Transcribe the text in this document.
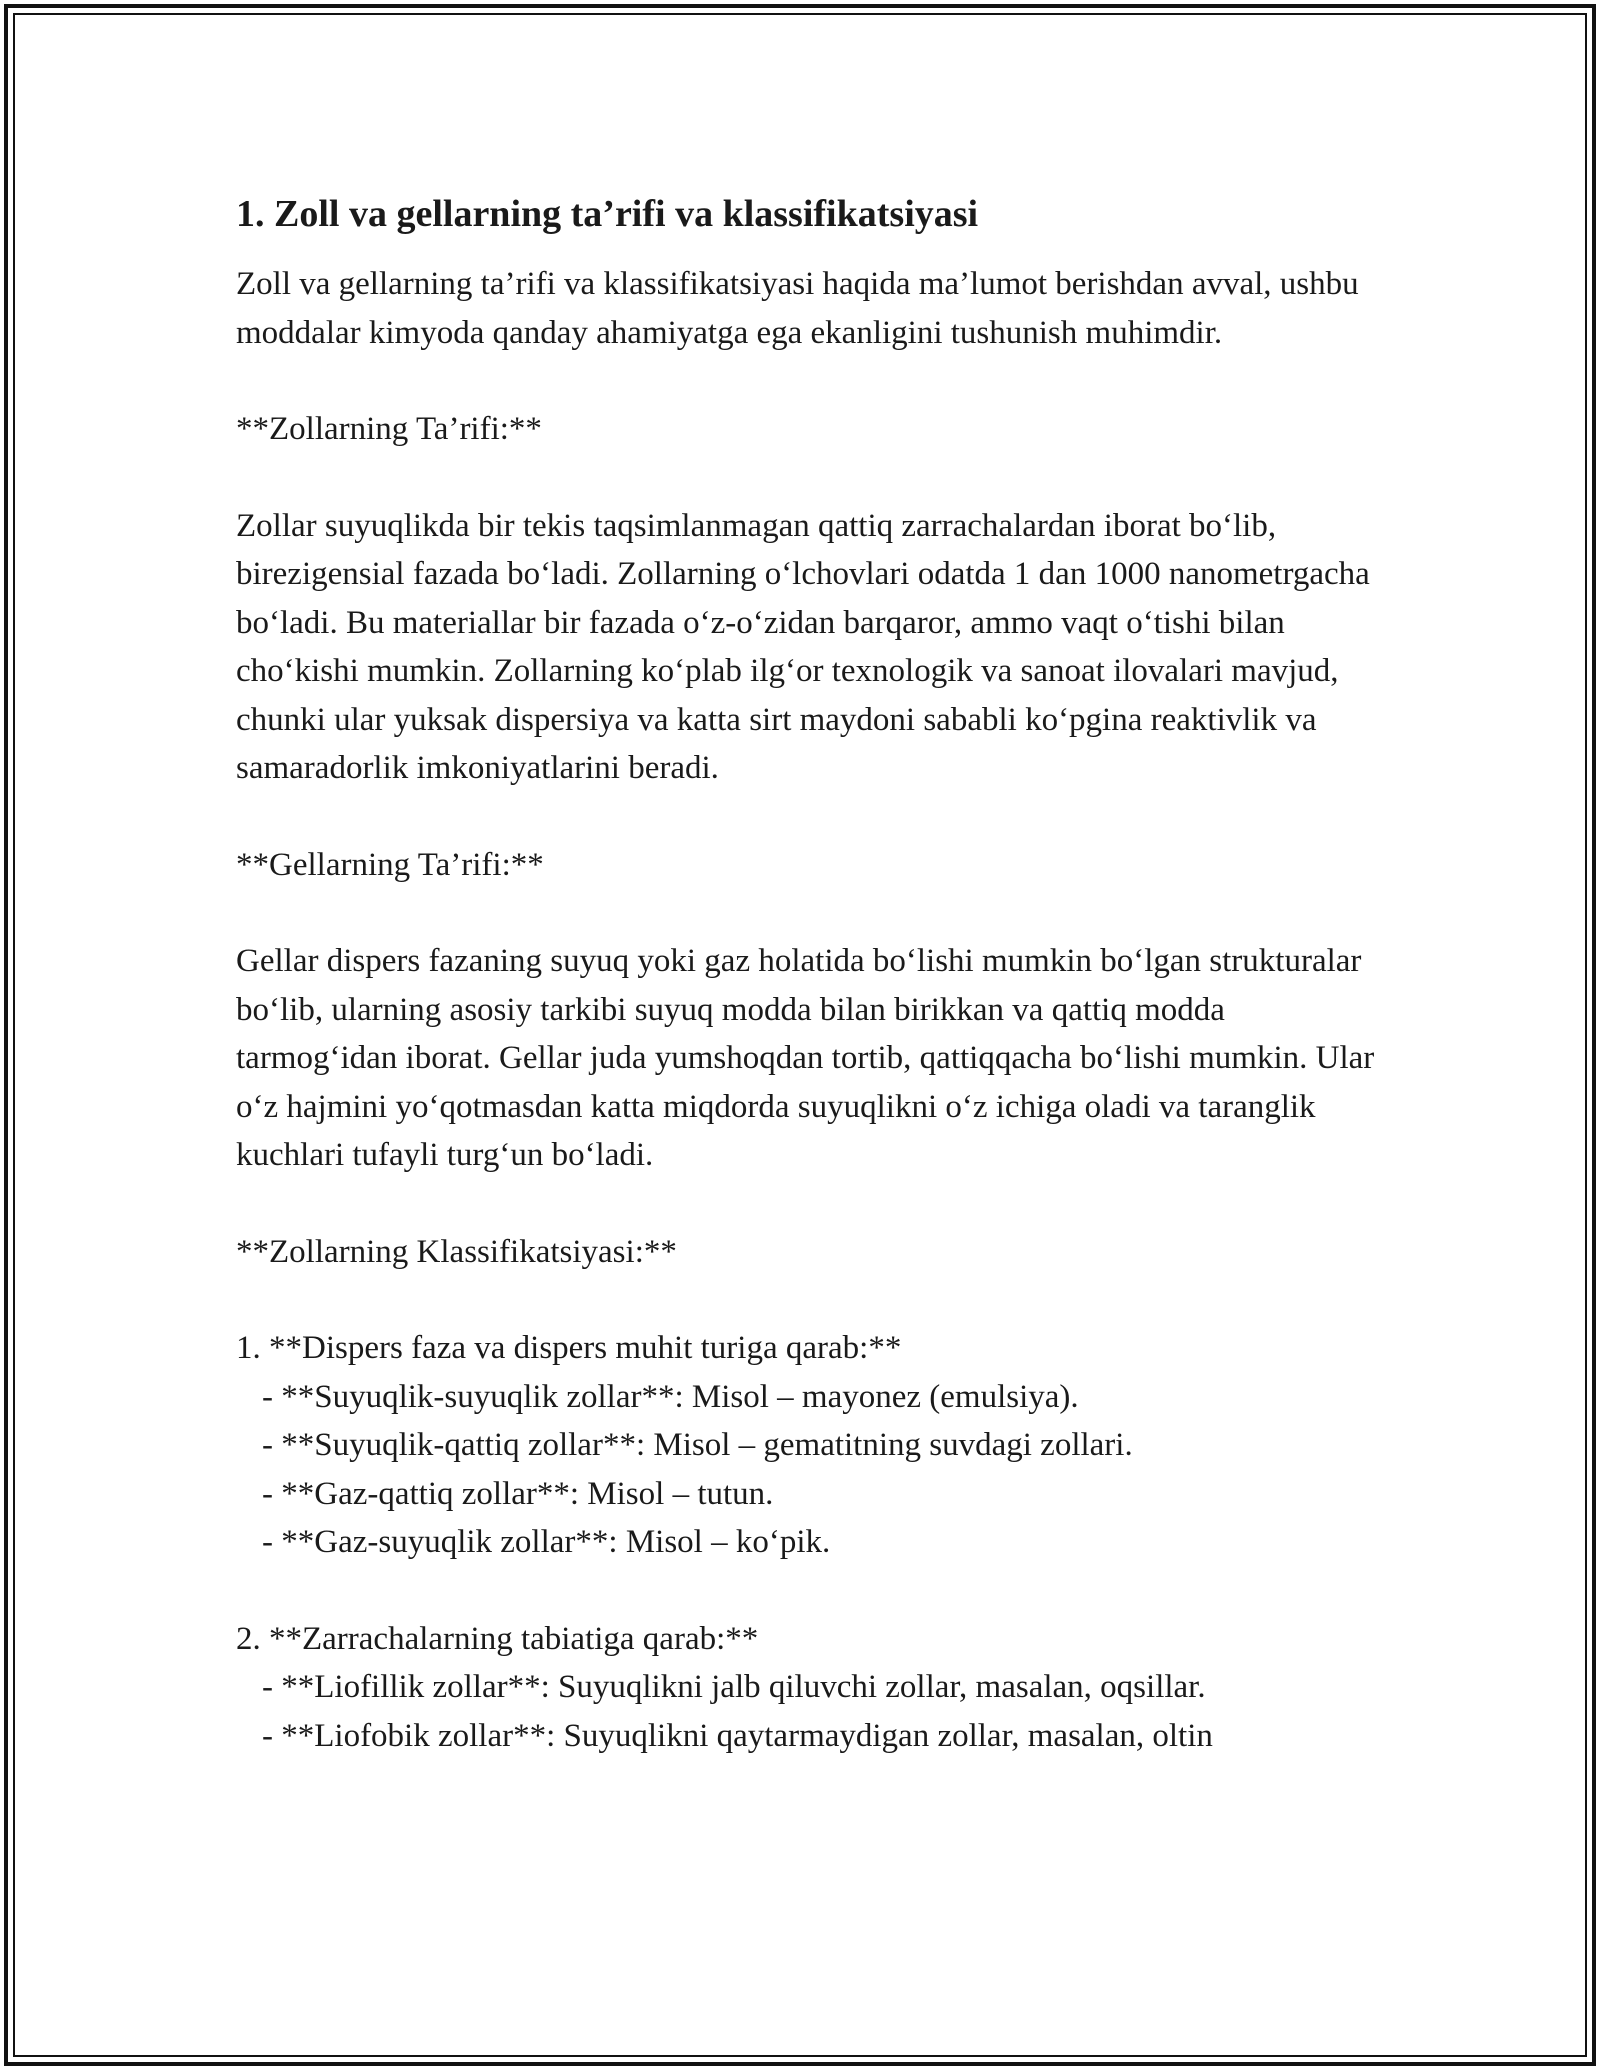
1. Zoll va gellarning ta’rifi va klassifikatsiyasi

Zoll va gellarning ta’rifi va klassifikatsiyasi haqida ma’lumot berishdan avval, ushbu moddalar kimyoda qanday ahamiyatga ega ekanligini tushunish muhimdir.

**Zollarning Ta’rifi:**

Zollar suyuqlikda bir tekis taqsimlanmagan qattiq zarrachalardan iborat bo‘lib, birezigensial fazada bo‘ladi. Zollarning o‘lchovlari odatda 1 dan 1000 nanometrgacha bo‘ladi. Bu materiallar bir fazada o‘z-o‘zidan barqaror, ammo vaqt o‘tishi bilan cho‘kishi mumkin. Zollarning ko‘plab ilg‘or texnologik va sanoat ilovalari mavjud, chunki ular yuksak dispersiya va katta sirt maydoni sababli ko‘pgina reaktivlik va samaradorlik imkoniyatlarini beradi.

**Gellarning Ta’rifi:**

Gellar dispers fazaning suyuq yoki gaz holatida bo‘lishi mumkin bo‘lgan strukturalar bo‘lib, ularning asosiy tarkibi suyuq modda bilan birikkan va qattiq modda tarmog‘idan iborat. Gellar juda yumshoqdan tortib, qattiqqacha bo‘lishi mumkin. Ular o‘z hajmini yo‘qotmasdan katta miqdorda suyuqlikni o‘z ichiga oladi va taranglik kuchlari tufayli turg‘un bo‘ladi.

**Zollarning Klassifikatsiyasi:**

1. **Dispers faza va dispers muhit turiga qarab:**

- **Suyuqlik-suyuqlik zollar**: Misol – mayonez (emulsiya).

- **Suyuqlik-qattiq zollar**: Misol – gematitning suvdagi zollari.

- **Gaz-qattiq zollar**: Misol – tutun.

- **Gaz-suyuqlik zollar**: Misol – ko‘pik.

2. **Zarrachalarning tabiatiga qarab:**

- **Liofillik zollar**: Suyuqlikni jalb qiluvchi zollar, masalan, oqsillar.

- **Liofobik zollar**: Suyuqlikni qaytarmaydigan zollar, masalan, oltin
